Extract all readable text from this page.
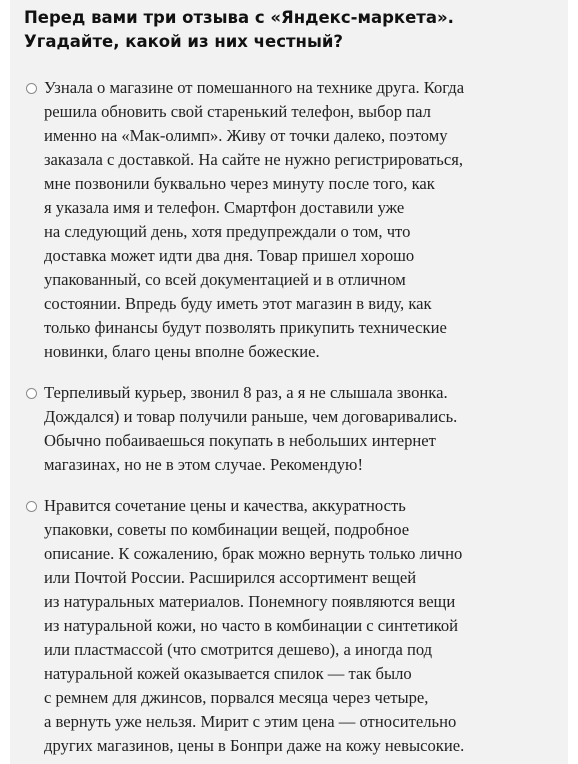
Перед вами три отзыва с «Яндекс-маркета». Угадайте, какой из них честный?
Узнала о магазине от помешанного на технике друга. Когда
решила обновить свой старенький телефон, выбор пал
именно на «Мак-олимп». Живу от точки далеко, поэтому
заказала с доставкой. На сайте не нужно регистрироваться,
мне позвонили буквально через минуту после того, как
я указала имя и телефон. Смартфон доставили уже
на следующий день, хотя предупреждали о том, что
доставка может идти два дня. Товар пришел хорошо
упакованный, со всей документацией и в отличном
состоянии. Впредь буду иметь этот магазин в виду, как
только финансы будут позволять прикупить технические
новинки, благо цены вполне божеские.
Терпеливый курьер, звонил 8 раз, а я не слышала звонка.
Дождался) и товар получили раньше, чем договаривались.
Обычно побаиваешься покупать в небольших интернет
магазинах, но не в этом случае. Рекомендую!
Нравится сочетание цены и качества, аккуратность
упаковки, советы по комбинации вещей, подробное
описание. К сожалению, брак можно вернуть только лично
или Почтой России. Расширился ассортимент вещей
из натуральных материалов. Понемногу появляются вещи
из натуральной кожи, но часто в комбинации с синтетикой
или пластмассой (что смотрится дешево), а иногда под
натуральной кожей оказывается спилок — так было
с ремнем для джинсов, порвался месяца через четыре,
а вернуть уже нельзя. Мирит с этим цена — относительно
других магазинов, цены в Бонпри даже на кожу невысокие.
